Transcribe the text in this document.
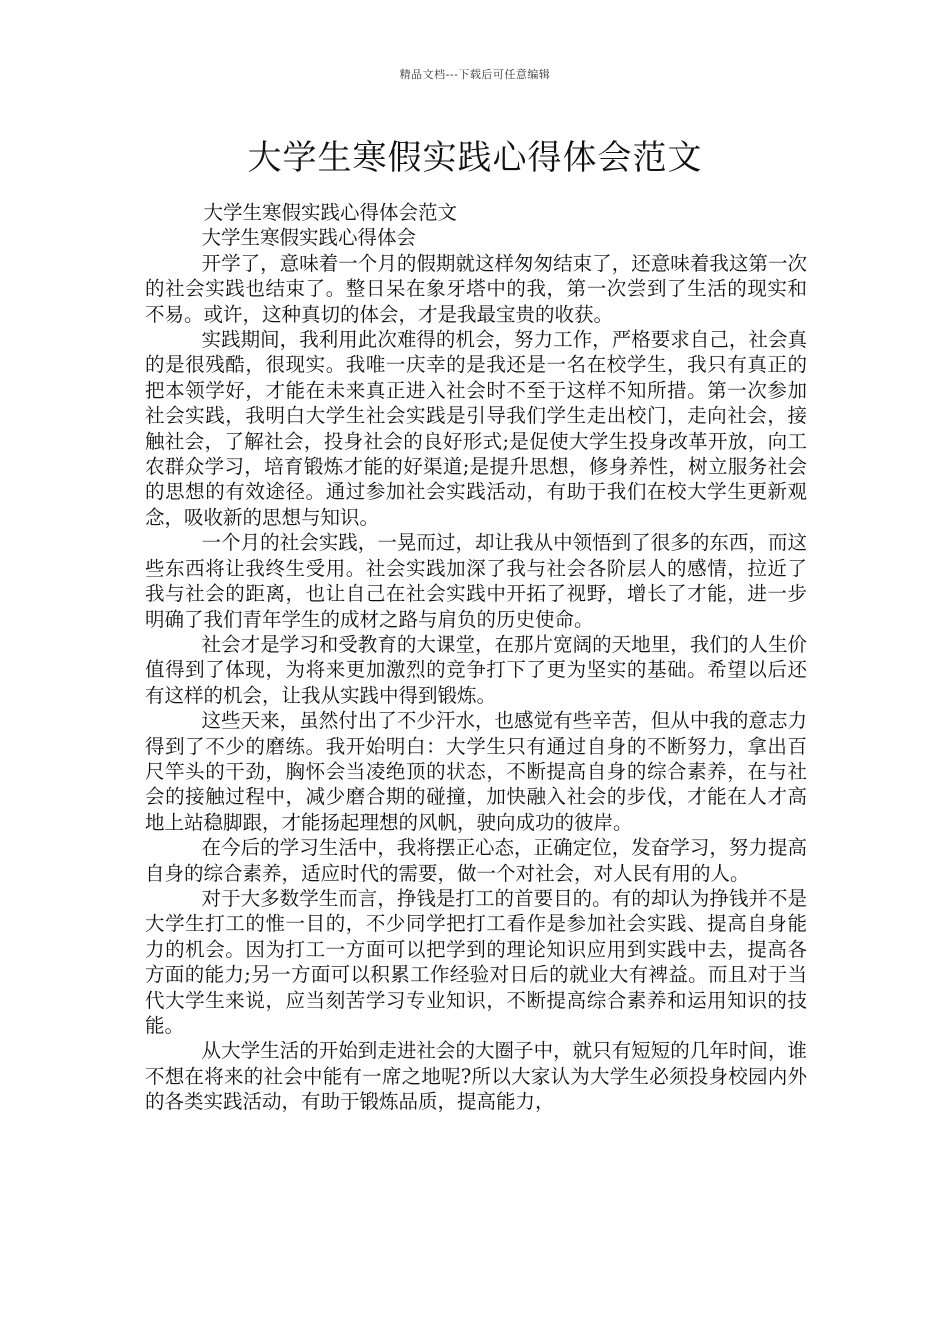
精品文档---下载后可任意编辑
大学生寒假实践心得体会范文

大学生寒假实践心得体会范文

大学生寒假实践心得体会

开学了，意味着一个月的假期就这样匆匆结束了，还意味着我这第一次的社会实践也结束了。整日呆在象牙塔中的我，第一次尝到了生活的现实和不易。或许，这种真切的体会，才是我最宝贵的收获。

实践期间，我利用此次难得的机会，努力工作，严格要求自己，社会真的是很残酷，很现实。我唯一庆幸的是我还是一名在校学生，我只有真正的把本领学好，才能在未来真正进入社会时不至于这样不知所措。第一次参加社会实践，我明白大学生社会实践是引导我们学生走出校门，走向社会，接触社会，了解社会，投身社会的良好形式;是促使大学生投身改革开放，向工农群众学习，培育锻炼才能的好渠道;是提升思想，修身养性，树立服务社会的思想的有效途径。通过参加社会实践活动，有助于我们在校大学生更新观念，吸收新的思想与知识。

一个月的社会实践，一晃而过，却让我从中领悟到了很多的东西，而这些东西将让我终生受用。社会实践加深了我与社会各阶层人的感情，拉近了我与社会的距离，也让自己在社会实践中开拓了视野，增长了才能，进一步明确了我们青年学生的成材之路与肩负的历史使命。

社会才是学习和受教育的大课堂，在那片宽阔的天地里，我们的人生价值得到了体现，为将来更加激烈的竞争打下了更为坚实的基础。希望以后还有这样的机会，让我从实践中得到锻炼。

这些天来，虽然付出了不少汗水，也感觉有些辛苦，但从中我的意志力得到了不少的磨练。我开始明白：大学生只有通过自身的不断努力，拿出百尺竿头的干劲，胸怀会当凌绝顶的状态，不断提高自身的综合素养，在与社会的接触过程中，减少磨合期的碰撞，加快融入社会的步伐，才能在人才高地上站稳脚跟，才能扬起理想的风帆，驶向成功的彼岸。

在今后的学习生活中，我将摆正心态，正确定位，发奋学习，努力提高自身的综合素养，适应时代的需要，做一个对社会，对人民有用的人。

对于大多数学生而言，挣钱是打工的首要目的。有的却认为挣钱并不是大学生打工的惟一目的，不少同学把打工看作是参加社会实践、提高自身能力的机会。因为打工一方面可以把学到的理论知识应用到实践中去，提高各方面的能力;另一方面可以积累工作经验对日后的就业大有裨益。而且对于当代大学生来说，应当刻苦学习专业知识，不断提高综合素养和运用知识的技能。

从大学生活的开始到走进社会的大圈子中，就只有短短的几年时间，谁不想在将来的社会中能有一席之地呢?所以大家认为大学生必须投身校园内外的各类实践活动，有助于锻炼品质，提高能力，
